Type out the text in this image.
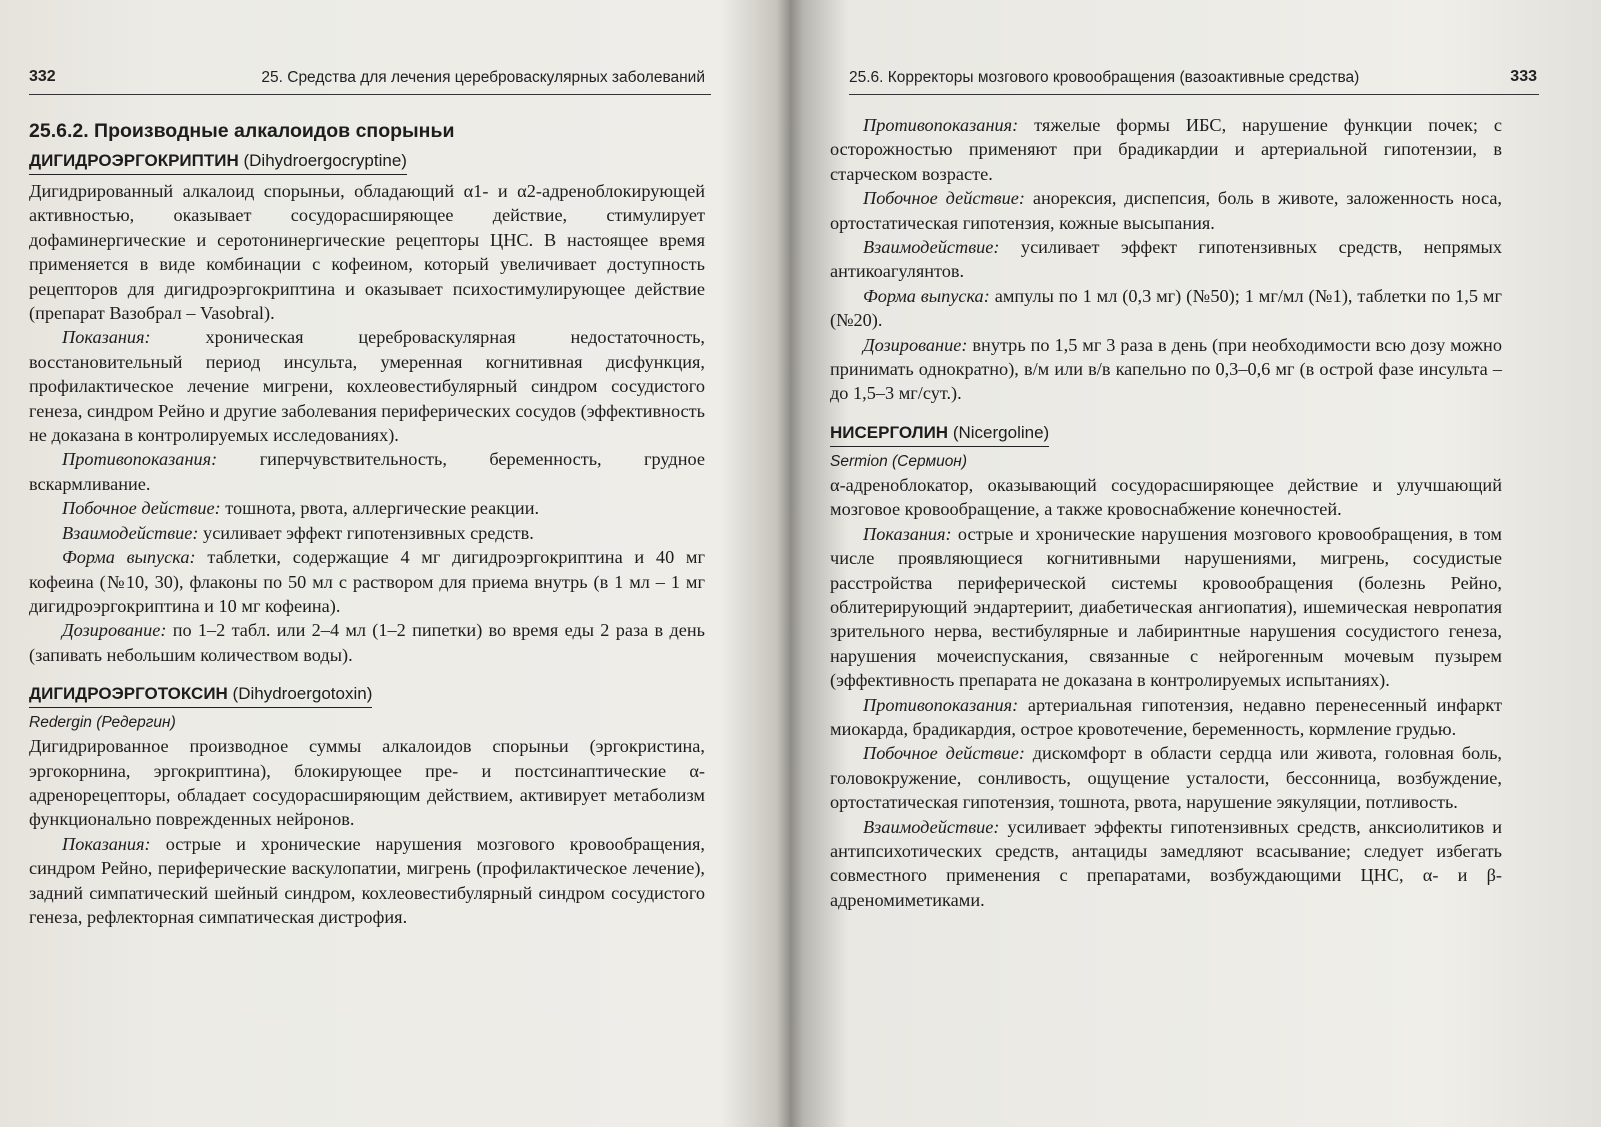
332	25. Средства для лечения цереброваскулярных заболеваний
25.6.2. Производные алкалоидов спорыньи
ДИГИДРОЭРГОКРИПТИН (Dihydroergocryptine)

Дигидрированный алкалоид спорыньи, обладающий α1- и α2-адреноблокирующей активностью, оказывает сосудорасширяющее действие, стимулирует дофаминергические и серотонинергические рецепторы ЦНС. В настоящее время применяется в виде комбинации с кофеином, который увеличивает доступность рецепторов для дигидроэргокриптина и оказывает психостимулирующее действие (препарат Вазобрал – Vasobral).

Показания:	хроническая цереброваскулярная недостаточность, восстановительный период инсульта, умеренная когнитивная дисфункция, профилактическое лечение мигрени, кохлеовестибулярный синдром сосудистого генеза, синдром Рейно и другие заболевания периферических сосудов (эффективность не доказана в контролируемых исследованиях).

Противопоказания: гиперчувствительность, беременность, грудное вскармливание.

Побочное действие: тошнота, рвота, аллергические реакции.

Взаимодействие: усиливает эффект гипотензивных средств.

Форма выпуска: таблетки, содержащие 4 мг дигидроэргокриптина и 40 мг кофеина (№10, 30), флаконы по 50 мл с раствором для приема внутрь (в 1 мл – 1 мг дигидроэргокриптина и 10 мг кофеина).

Дозирование: по 1–2 табл. или 2–4 мл (1–2 пипетки) во время еды 2 раза в день (запивать небольшим количеством воды).

ДИГИДРОЭРГОТОКСИН (Dihydroergotoxin)

Redergin (Редергин)

Дигидрированное производное суммы алкалоидов спорыньи (эргокристина, эргокорнина, эргокриптина), блокирующее пре- и постсинаптические α-адренорецепторы, обладает сосудорасширяющим действием, активирует метаболизм функционально поврежденных нейронов.

Показания: острые и хронические нарушения мозгового кровообращения, синдром Рейно, периферические васкулопатии, мигрень (профилактическое лечение), задний симпатический шейный синдром, кохлеовестибулярный синдром сосудистого генеза, рефлекторная симпатическая дистрофия.

25.6. Корректоры мозгового кровообращения (вазоактивные средства)	333

Противопоказания: тяжелые формы ИБС, нарушение функции почек; с осторожностью применяют при брадикардии и артериальной гипотензии, в старческом возрасте.

Побочное действие: анорексия, диспепсия, боль в животе, заложенность носа, ортостатическая гипотензия, кожные высыпания.

Взаимодействие: усиливает эффект гипотензивных средств, непрямых антикоагулянтов.

Форма выпуска: ампулы по 1 мл (0,3 мг) (№50); 1 мг/мл (№1), таблетки по 1,5 мг (№20).

Дозирование: внутрь по 1,5 мг 3 раза в день (при необходимости всю дозу можно принимать однократно), в/м или в/в капельно по 0,3–0,6 мг (в острой фазе инсульта – до 1,5–3 мг/сут.).

НИСЕРГОЛИН (Nicergoline)

Sermion (Сермион)

α-адреноблокатор, оказывающий сосудорасширяющее действие и улучшающий мозговое кровообращение, а также кровоснабжение конечностей.

Показания: острые и хронические нарушения мозгового кровообращения, в том числе проявляющиеся когнитивными нарушениями, мигрень, сосудистые расстройства периферической системы кровообращения (болезнь Рейно, облитерирующий эндартериит, диабетическая ангиопатия), ишемическая невропатия зрительного нерва, вестибулярные и лабиринтные нарушения сосудистого генеза, нарушения мочеиспускания, связанные с нейрогенным мочевым пузырем (эффективность препарата не доказана в контролируемых испытаниях).

Противопоказания: артериальная гипотензия, недавно перенесенный инфаркт миокарда, брадикардия, острое кровотечение, беременность, кормление грудью.

Побочное действие: дискомфорт в области сердца или живота, головная боль, головокружение, сонливость, ощущение усталости, бессонница, возбуждение, ортостатическая гипотензия, тошнота, рвота, нарушение эякуляции, потливость.

Взаимодействие: усиливает эффекты гипотензивных средств, анксиолитиков и антипсихотических средств, антациды замедляют всасывание; следует избегать совместного применения с препаратами, возбуждающими ЦНС, α- и β-адреномиметиками.
